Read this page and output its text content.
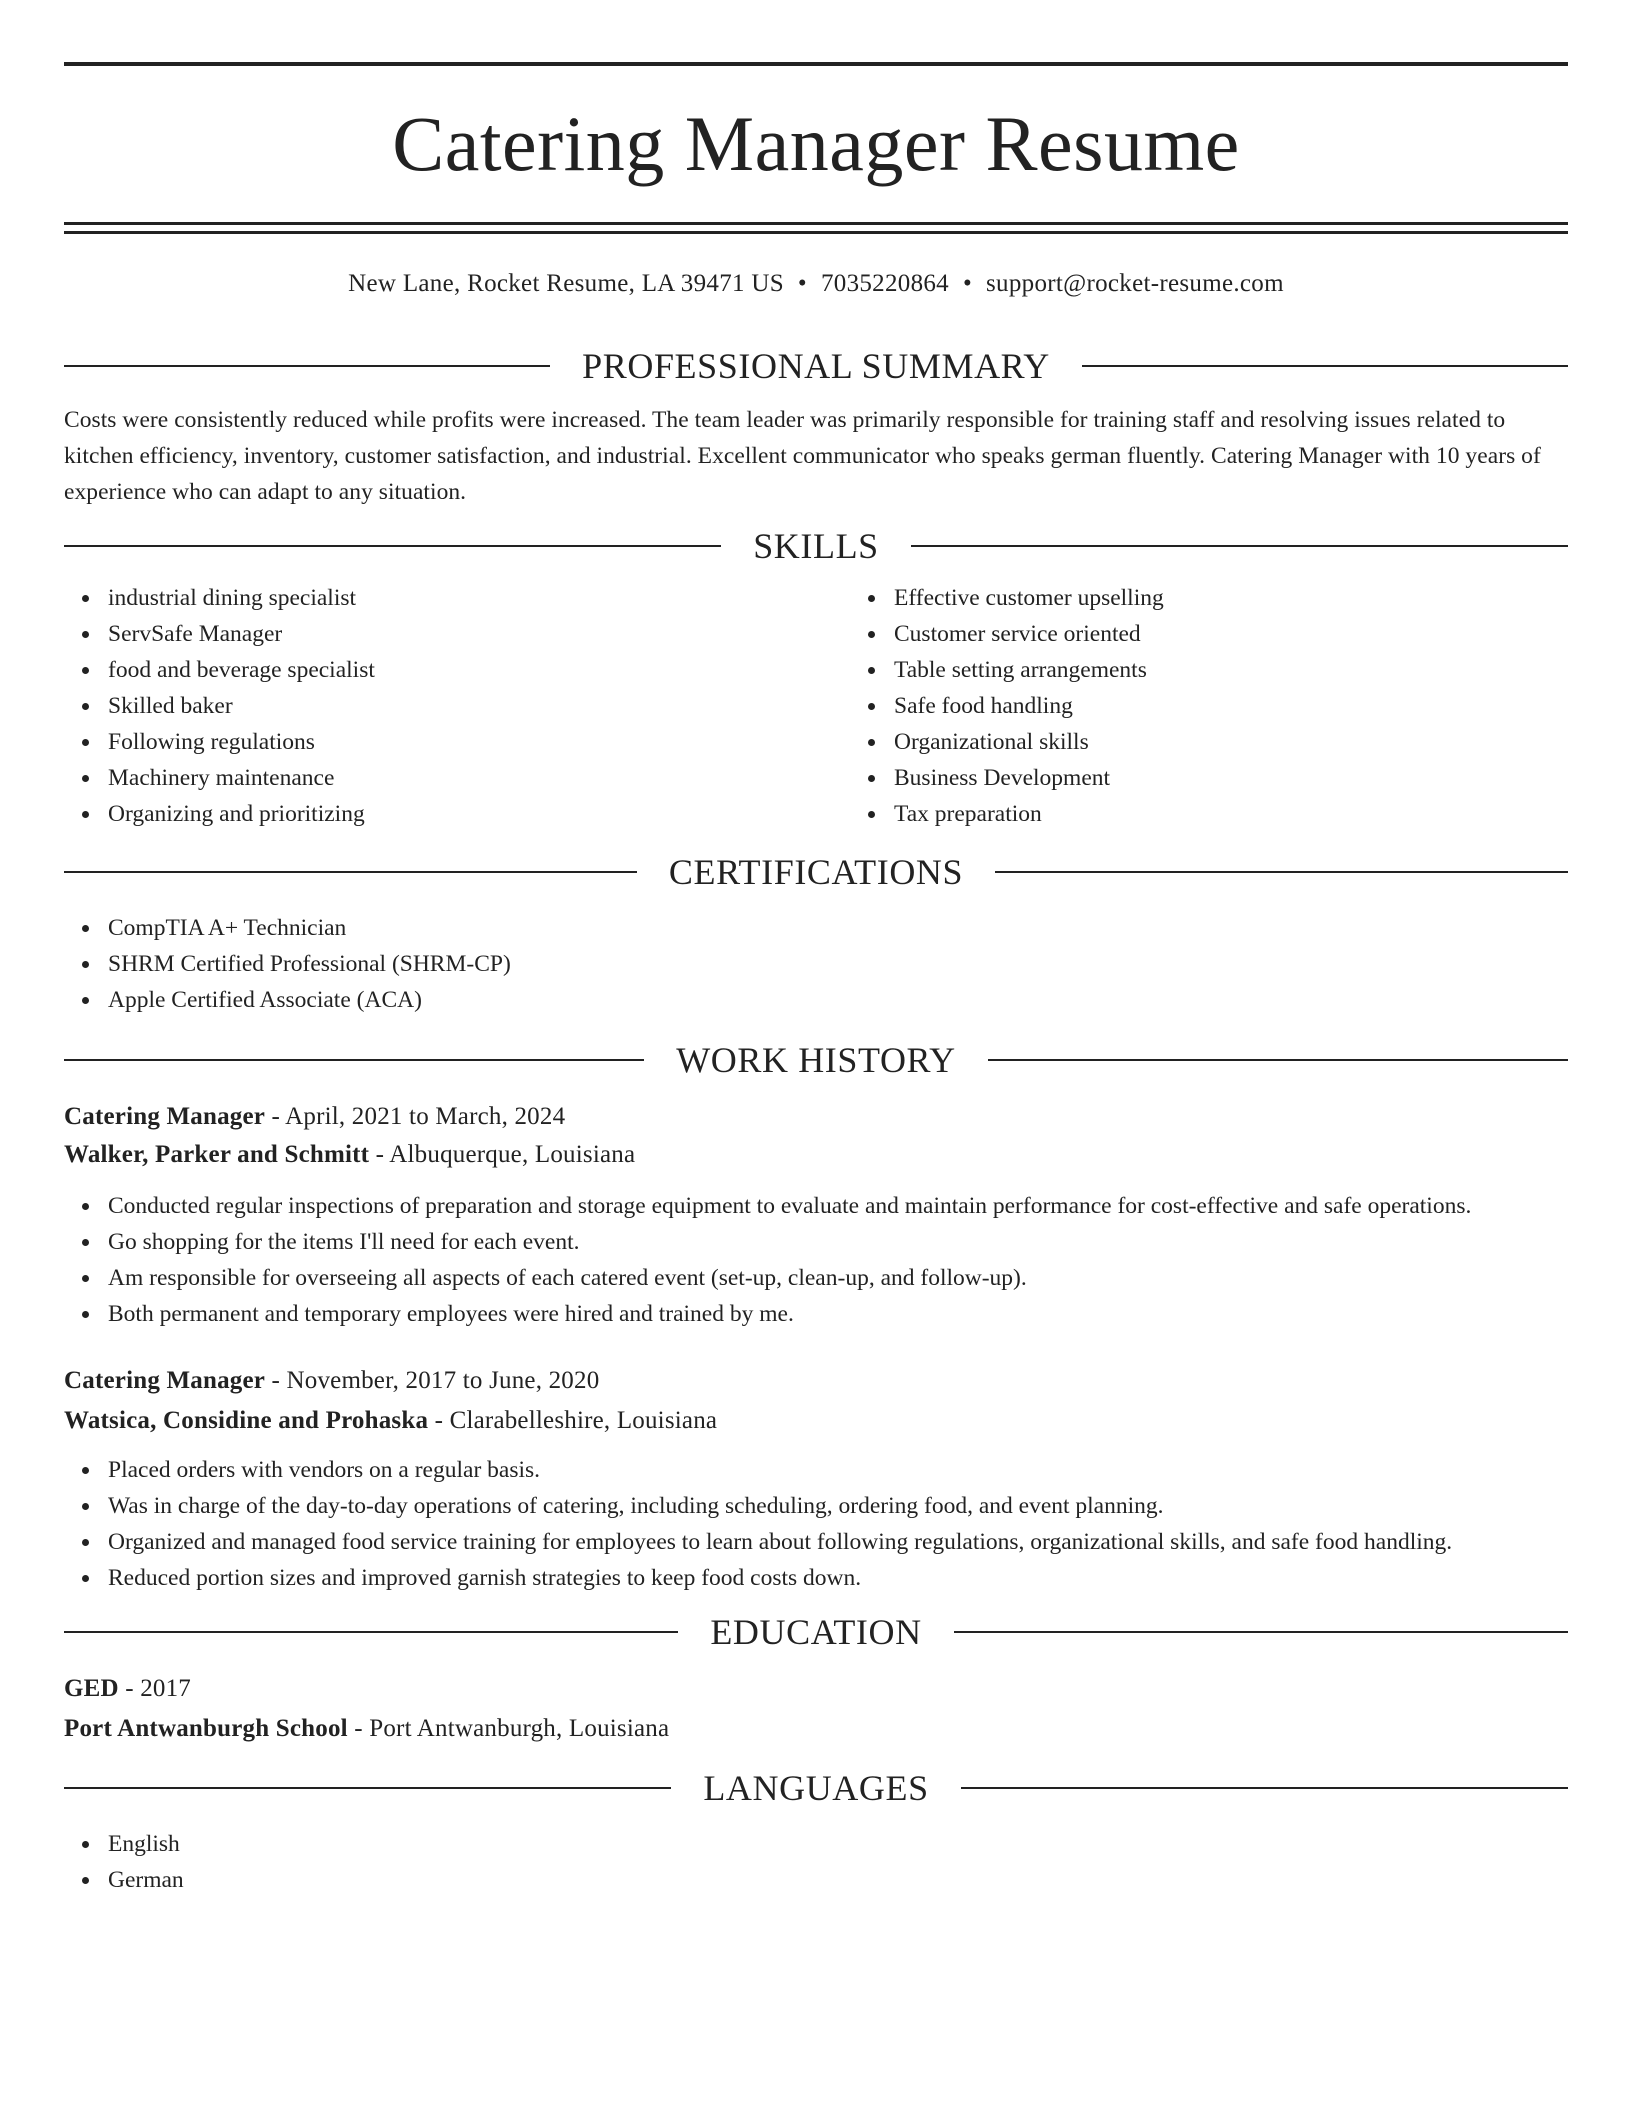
Catering Manager Resume
New Lane, Rocket Resume, LA 39471 US • 7035220864 • support@rocket-resume.com
PROFESSIONAL SUMMARY

Costs were consistently reduced while profits were increased. The team leader was primarily responsible for training staff and resolving issues related to kitchen efficiency, inventory, customer satisfaction, and industrial. Excellent communicator who speaks german fluently. Catering Manager with 10 years of experience who can adapt to any situation.

SKILLS
industrial dining specialist
ServSafe Manager
food and beverage specialist
Skilled baker
Following regulations
Machinery maintenance
Organizing and prioritizing
Effective customer upselling
Customer service oriented
Table setting arrangements
Safe food handling
Organizational skills
Business Development
Tax preparation
CERTIFICATIONS
CompTIA A+ Technician
SHRM Certified Professional (SHRM-CP)
Apple Certified Associate (ACA)
WORK HISTORY
Catering Manager - April, 2021 to March, 2024
Walker, Parker and Schmitt - Albuquerque, Louisiana
Conducted regular inspections of preparation and storage equipment to evaluate and maintain performance for cost-effective and safe operations.
Go shopping for the items I'll need for each event.
Am responsible for overseeing all aspects of each catered event (set-up, clean-up, and follow-up).
Both permanent and temporary employees were hired and trained by me.
Catering Manager - November, 2017 to June, 2020
Watsica, Considine and Prohaska - Clarabelleshire, Louisiana
Placed orders with vendors on a regular basis.
Was in charge of the day-to-day operations of catering, including scheduling, ordering food, and event planning.
Organized and managed food service training for employees to learn about following regulations, organizational skills, and safe food handling.
Reduced portion sizes and improved garnish strategies to keep food costs down.
EDUCATION
GED - 2017
Port Antwanburgh School - Port Antwanburgh, Louisiana
LANGUAGES
English
German
